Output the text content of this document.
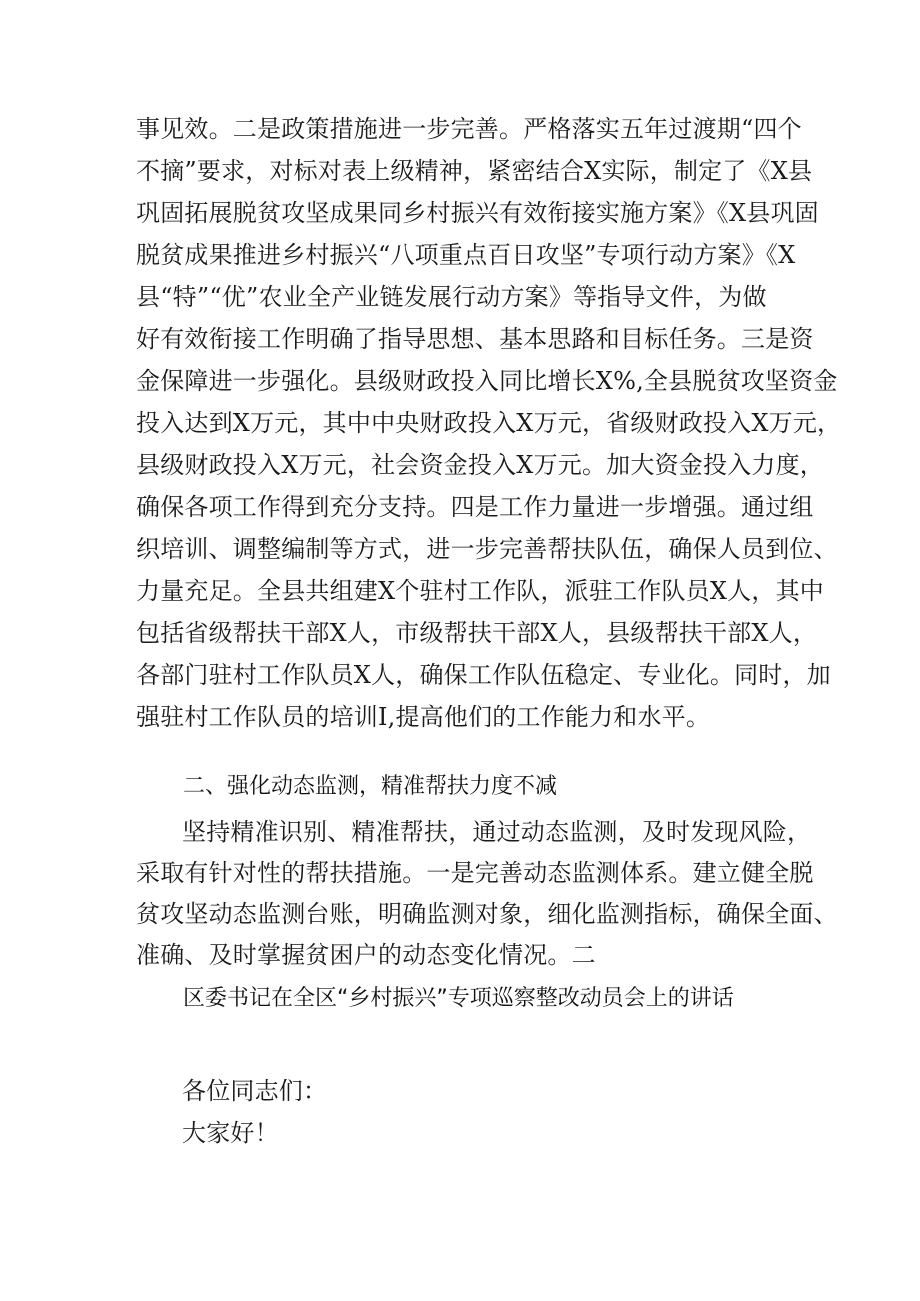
事见效。二是政策措施进一步完善。严格落实五年过渡期“四个
不摘”要求，对标对表上级精神，紧密结合X实际，制定了《X县
巩固拓展脱贫攻坚成果同乡村振兴有效衔接实施方案》《X县巩固
脱贫成果推进乡村振兴“八项重点百日攻坚”专项行动方案》《X
县“特”“优”农业全产业链发展行动方案》等指导文件，为做
好有效衔接工作明确了指导思想、基本思路和目标任务。三是资
金保障进一步强化。县级财政投入同比增长X%,全县脱贫攻坚资金
投入达到X万元，其中中央财政投入X万元，省级财政投入X万元，
县级财政投入X万元，社会资金投入X万元。加大资金投入力度，
确保各项工作得到充分支持。四是工作力量进一步增强。通过组
织培训、调整编制等方式，进一步完善帮扶队伍，确保人员到位、
力量充足。全县共组建X个驻村工作队，派驻工作队员X人，其中
包括省级帮扶干部X人，市级帮扶干部X人，县级帮扶干部X人，
各部门驻村工作队员X人，确保工作队伍稳定、专业化。同时，加
强驻村工作队员的培训I,提高他们的工作能力和水平。
二、强化动态监测，精准帮扶力度不减
坚持精准识别、精准帮扶，通过动态监测，及时发现风险，
采取有针对性的帮扶措施。一是完善动态监测体系。建立健全脱
贫攻坚动态监测台账，明确监测对象，细化监测指标，确保全面、
准确、及时掌握贫困户的动态变化情况。二
区委书记在全区“乡村振兴”专项巡察整改动员会上的讲话
各位同志们：
大家好！
